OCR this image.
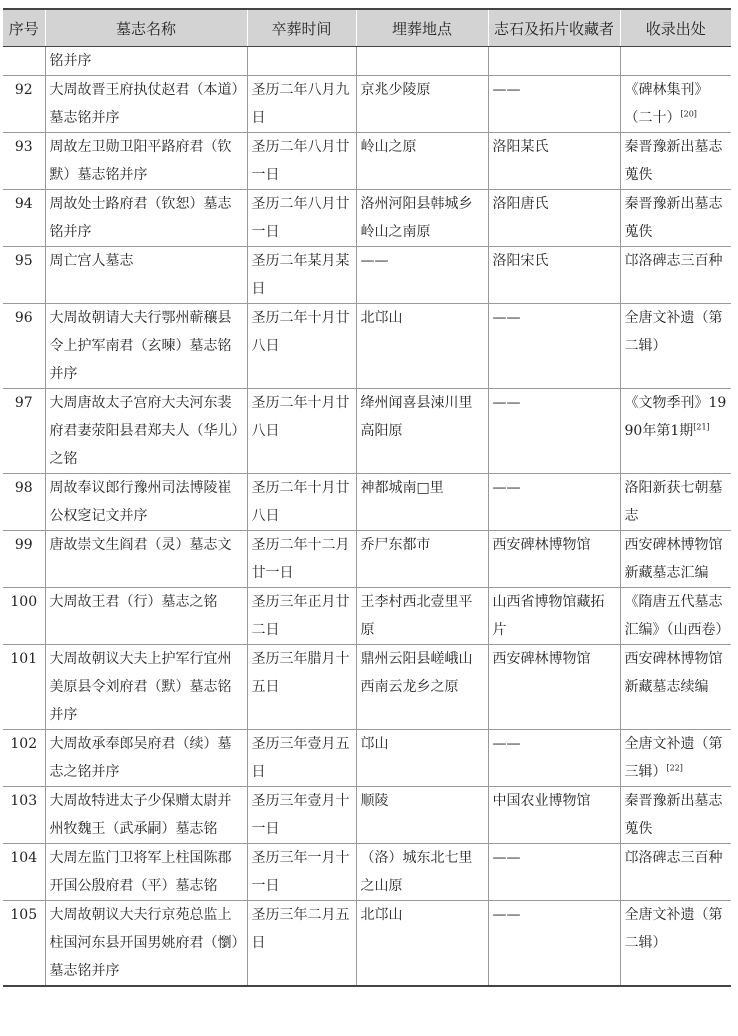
序号	墓志名称	卒葬时间	埋葬地点	志石及拓片收藏者	收录出处
	铭并序				
92	大周故晋王府执仗赵君（本道）墓志铭并序	圣历二年八月九日	京兆少陵原	——	《碑林集刊》（二十）[20]
93	周故左卫勋卫阳平路府君（钦默）墓志铭并序	圣历二年八月廿一日	岭山之原	洛阳某氏	秦晋豫新出墓志蒐佚
94	周故处士路府君（钦恕）墓志铭并序	圣历二年八月廿一日	洛州河阳县韩城乡岭山之南原	洛阳唐氏	秦晋豫新出墓志蒐佚
95	周亡宫人墓志	圣历二年某月某日	——	洛阳宋氏	邙洛碑志三百种
96	大周故朝请大夫行鄂州蕲穰县令上护军南君（玄暕）墓志铭并序	圣历二年十月廿八日	北邙山	——	全唐文补遗（第二辑）
97	大周唐故太子宫府大夫河东裴府君妻荥阳县君郑夫人（华儿）之铭	圣历二年十月廿八日	绛州闻喜县涑川里高阳原	——	《文物季刊》1990年第1期[21]
98	周故奉议郎行豫州司法博陵崔公权窆记文并序	圣历二年十月廿八日	神都城南□里	——	洛阳新获七朝墓志
99	唐故崇文生阎君（灵）墓志文	圣历二年十二月廿一日	乔尸东都市	西安碑林博物馆	西安碑林博物馆新藏墓志汇编
100	大周故王君（行）墓志之铭	圣历三年正月廿二日	王李村西北壹里平原	山西省博物馆藏拓片	《隋唐五代墓志汇编》（山西卷）
101	大周故朝议大夫上护军行宜州美原县令刘府君（默）墓志铭并序	圣历三年腊月十五日	鼎州云阳县嵯峨山西南云龙乡之原	西安碑林博物馆	西安碑林博物馆新藏墓志续编
102	大周故承奉郎吴府君（续）墓志之铭并序	圣历三年壹月五日	邙山	——	全唐文补遗（第三辑）[22]
103	大周故特进太子少保赠太尉并州牧魏王（武承嗣）墓志铭	圣历三年壹月十一日	顺陵	中国农业博物馆	秦晋豫新出墓志蒐佚
104	大周左监门卫将军上柱国陈郡开国公殷府君（平）墓志铭	圣历三年一月十一日	（洛）城东北七里之山原	——	邙洛碑志三百种
105	大周故朝议大夫行京苑总监上柱国河东县开国男姚府君（懰）墓志铭并序	圣历三年二月五日	北邙山	——	全唐文补遗（第二辑）
